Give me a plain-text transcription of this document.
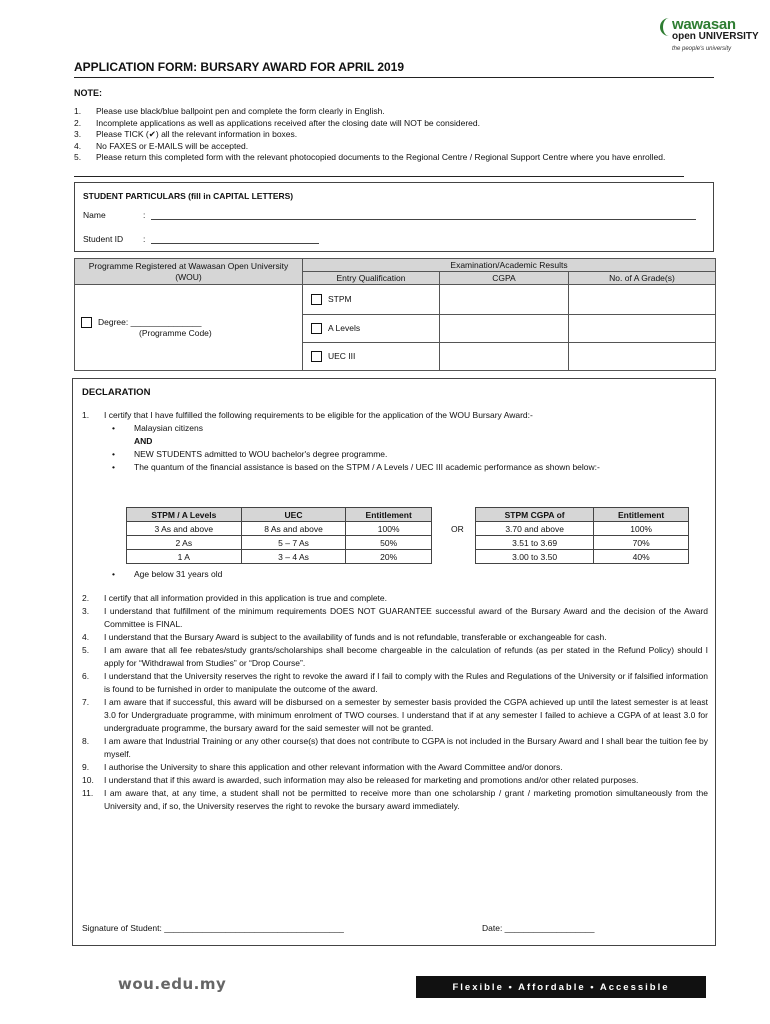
wawasan
open UNIVERSITY
the people's university
APPLICATION FORM: BURSARY AWARD FOR APRIL 2019
NOTE:
1.	Please use black/blue ballpoint pen and complete the form clearly in English.
2.	Incomplete applications as well as applications received after the closing date will NOT be considered.
3.	Please TICK (✔) all the relevant information in boxes.
4.	No FAXES or E-MAILS will be accepted.
5.	Please return this completed form with the relevant photocopied documents to the Regional Centre / Regional Support Centre where you have enrolled.
STUDENT PARTICULARS (fill in CAPITAL LETTERS)
Name	:
Student ID :
Programme Registered at Wawasan Open University (WOU)	Examination/Academic Results		
	Entry Qualification	CGPA	No. of A Grade(s)

Degree: _______________
(Programme Code)	STPM		
	A Levels		
	UEC III		
DECLARATION
1.	I certify that I have fulfilled the following requirements to be eligible for the application of the WOU Bursary Award:-
•	Malaysian citizens
AND
•	NEW STUDENTS admitted to WOU bachelor's degree programme.
•	The quantum of the financial assistance is based on the STPM / A Levels / UEC III academic performance as shown below:-
STPM / A Levels	UEC	Entitlement
3 As and above	8 As and above	100%
2 As	5 – 7 As	50%
1 A	3 – 4 As	20%
OR
STPM CGPA of	Entitlement
3.70 and above	100%
3.51 to 3.69	70%
3.00 to 3.50	40%
•	Age below 31 years old
2.	I certify that all information provided in this application is true and complete.
3.	I understand that fulfillment of the minimum requirements DOES NOT GUARANTEE successful award of the Bursary Award and the decision of the Award Committee is FINAL.
4.	I understand that the Bursary Award is subject to the availability of funds and is not refundable, transferable or exchangeable for cash.
5.	I am aware that all fee rebates/study grants/scholarships shall become chargeable in the calculation of refunds (as per stated in the Refund Policy) should I apply for “Withdrawal from Studies” or “Drop Course”.
6.	I understand that the University reserves the right to revoke the award if I fail to comply with the Rules and Regulations of the University or if falsified information is found to be furnished in order to manipulate the outcome of the award.
7.	I am aware that if successful, this award will be disbursed on a semester by semester basis provided the CGPA achieved up until the latest semester is at least 3.0 for Undergraduate programme, with minimum enrolment of TWO courses. I understand that if at any semester I failed to achieve a CGPA of at least 3.0 for undergraduate programme, the bursary award for the said semester will not be granted.
8.	I am aware that Industrial Training or any other course(s) that does not contribute to CGPA is not included in the Bursary Award and I shall bear the tuition fee by myself.
9.	I authorise the University to share this application and other relevant information with the Award Committee and/or donors.
10.	I understand that if this award is awarded, such information may also be released for marketing and promotions and/or other related purposes.
11.	I am aware that, at any time, a student shall not be permitted to receive more than one scholarship / grant / marketing promotion simultaneously from the University and, if so, the University reserves the right to revoke the bursary award immediately.
Signature of Student: ______________________________________	Date: ___________________
wou.edu.my	Flexible • Affordable • Accessible
